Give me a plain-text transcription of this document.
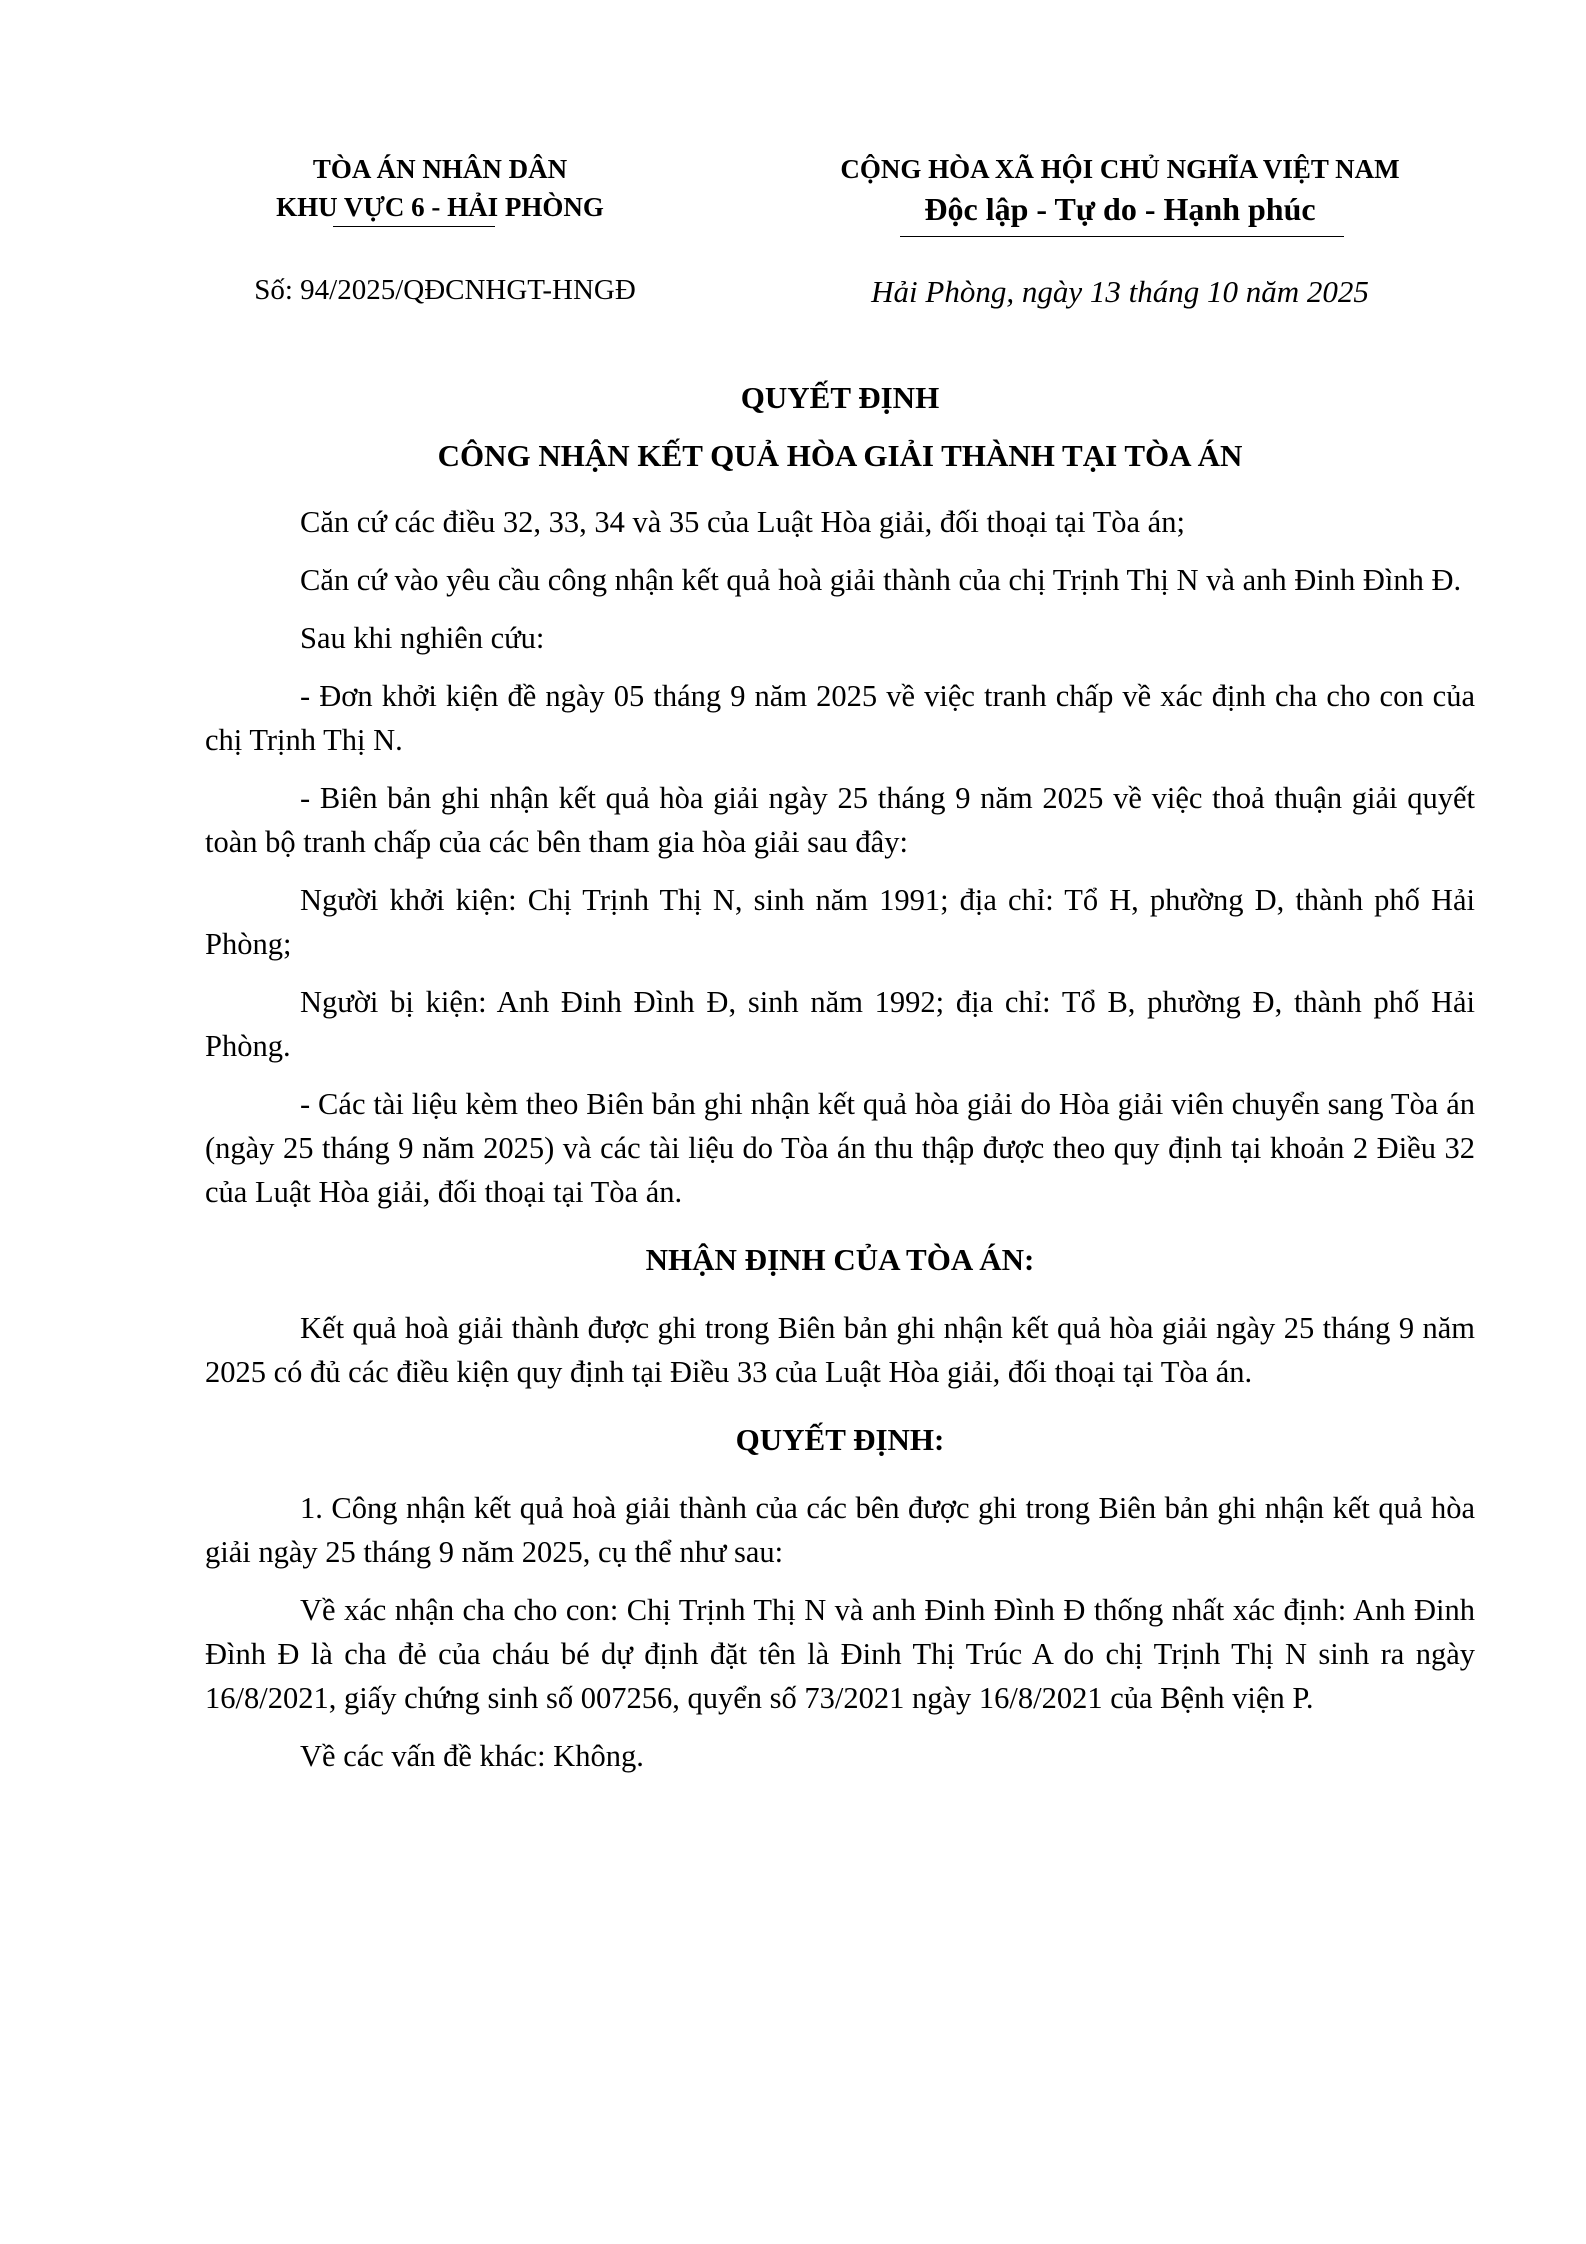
TÒA ÁN NHÂN DÂN
KHU VỰC 6 - HẢI PHÒNG
CỘNG HÒA XÃ HỘI CHỦ NGHĨA VIỆT NAM
Độc lập - Tự do - Hạnh phúc
Số: 94/2025/QĐCNHGT-HNGĐ	Hải Phòng, ngày 13 tháng 10 năm 2025
QUYẾT ĐỊNH
CÔNG NHẬN KẾT QUẢ HÒA GIẢI THÀNH TẠI TÒA ÁN

Căn cứ các điều 32, 33, 34 và 35 của Luật Hòa giải, đối thoại tại Tòa án;

Căn cứ vào yêu cầu công nhận kết quả hoà giải thành của chị Trịnh Thị N và anh Đinh Đình Đ.

Sau khi nghiên cứu:

- Đơn khởi kiện đề ngày 05 tháng 9 năm 2025 về việc tranh chấp về xác định cha cho con của chị Trịnh Thị N.

- Biên bản ghi nhận kết quả hòa giải ngày 25 tháng 9 năm 2025 về việc thoả thuận giải quyết toàn bộ tranh chấp của các bên tham gia hòa giải sau đây:

Người khởi kiện: Chị Trịnh Thị N, sinh năm 1991; địa chỉ: Tổ H, phường D, thành phố Hải Phòng;

Người bị kiện: Anh Đinh Đình Đ, sinh năm 1992; địa chỉ: Tổ B, phường Đ, thành phố Hải Phòng.

- Các tài liệu kèm theo Biên bản ghi nhận kết quả hòa giải do Hòa giải viên chuyển sang Tòa án (ngày 25 tháng 9 năm 2025) và các tài liệu do Tòa án thu thập được theo quy định tại khoản 2 Điều 32 của Luật Hòa giải, đối thoại tại Tòa án.

NHẬN ĐỊNH CỦA TÒA ÁN:

Kết quả hoà giải thành được ghi trong Biên bản ghi nhận kết quả hòa giải ngày 25 tháng 9 năm 2025 có đủ các điều kiện quy định tại Điều 33 của Luật Hòa giải, đối thoại tại Tòa án.

QUYẾT ĐỊNH:

1. Công nhận kết quả hoà giải thành của các bên được ghi trong Biên bản ghi nhận kết quả hòa giải ngày 25 tháng 9 năm 2025, cụ thể như sau:

Về xác nhận cha cho con: Chị Trịnh Thị N và anh Đinh Đình Đ thống nhất xác định: Anh Đinh Đình Đ là cha đẻ của cháu bé dự định đặt tên là Đinh Thị Trúc A do chị Trịnh Thị N sinh ra ngày 16/8/2021, giấy chứng sinh số 007256, quyển số 73/2021 ngày 16/8/2021 của Bệnh viện P.

Về các vấn đề khác: Không.
